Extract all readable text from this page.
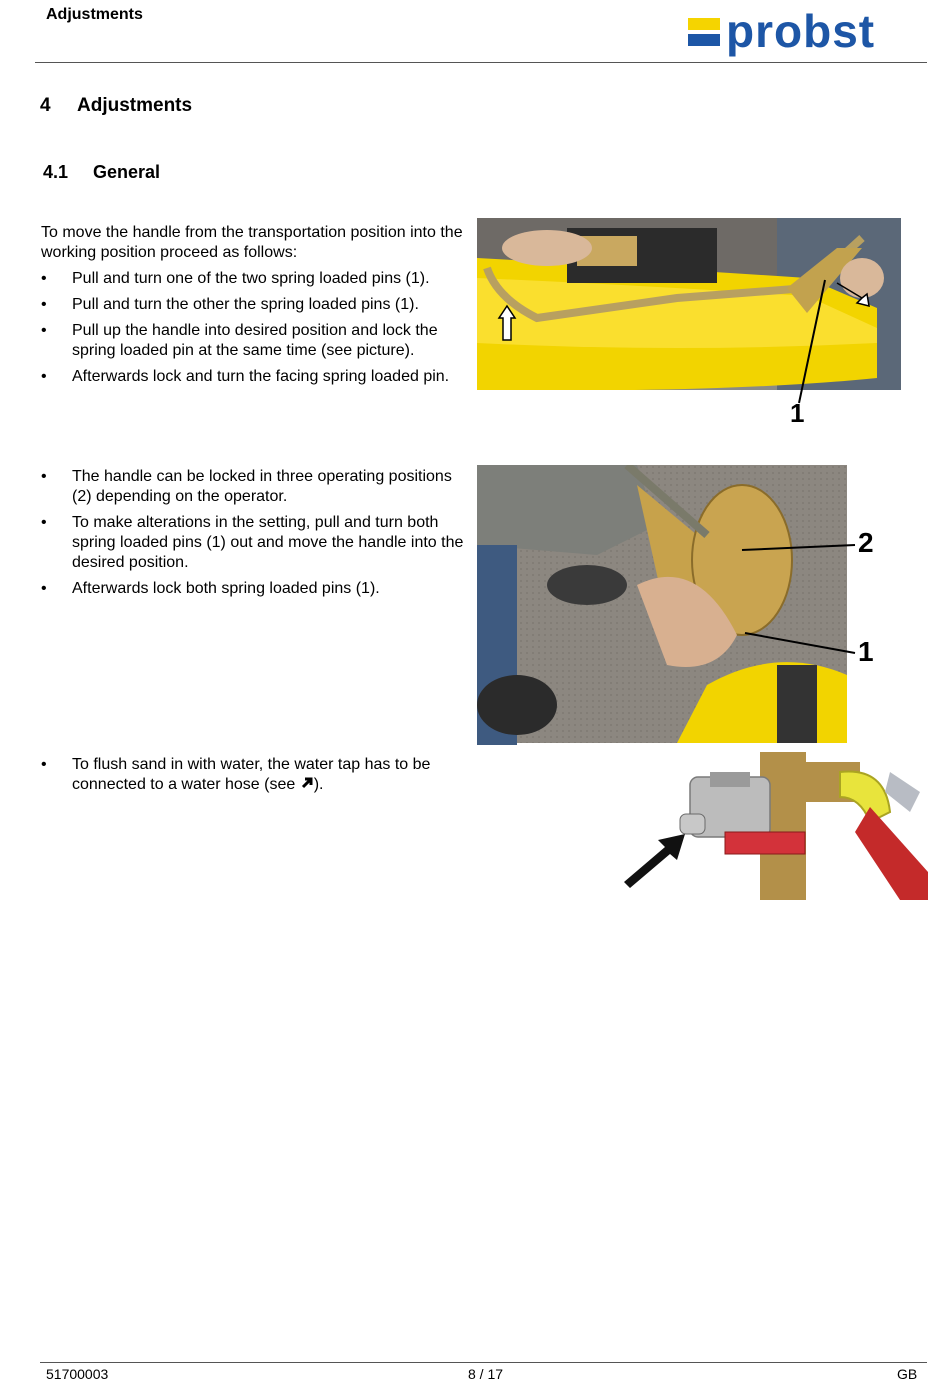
Adjustments	probst
4 Adjustments
4.1 General
To move the handle from the transportation position into the working position proceed as follows:
• Pull and turn one of the two spring loaded pins (1).
• Pull and turn the other the spring loaded pins (1).
• Pull up the handle into desired position and lock the spring loaded pin at the same time (see picture).
• Afterwards lock and turn the facing spring loaded pin.
1
• The handle can be locked in three operating positions (2) depending on the operator.
• To make alterations in the setting, pull and turn both spring loaded pins (1) out and move the handle into the desired position.
• Afterwards lock both spring loaded pins (1).
2
1
• To flush sand in with water, the water tap has to be connected to a water hose (see ).
51700003	8 / 17	GB
